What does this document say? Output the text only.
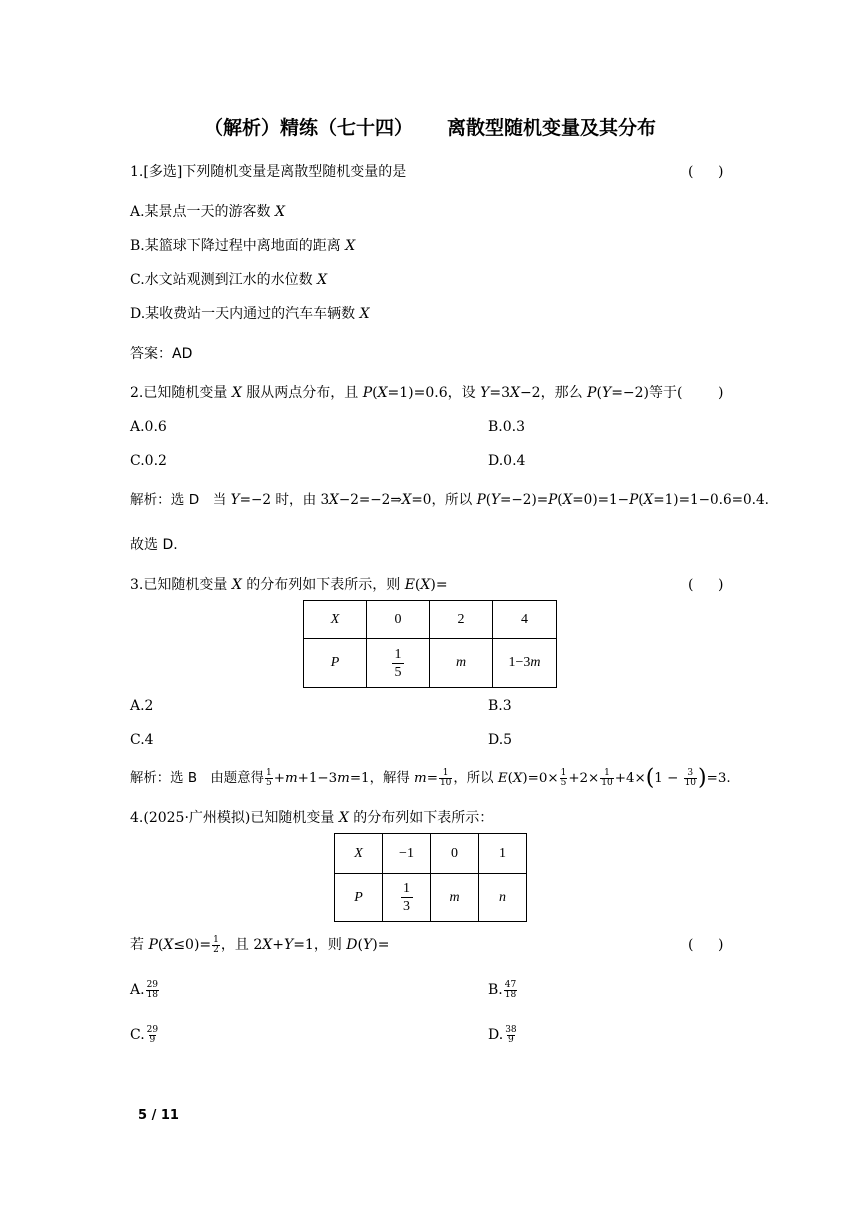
（解析）精练（七十四） 离散型随机变量及其分布
1.[多选]下列随机变量是离散型随机变量的是	( )
A.某景点一天的游客数 X
B.某篮球下降过程中离地面的距离 X
C.水文站观测到江水的水位数 X
D.某收费站一天内通过的汽车车辆数 X
答案：AD
2.已知随机变量 X 服从两点分布，且 P(X=1)=0.6，设 Y=3X−2，那么 P(Y=−2)等于(	)
A.0.6	B.0.3
C.0.2	D.0.4
解析：选 D　当 Y=−2 时，由 3X−2=−2⇒X=0，所以 P(Y=−2)=P(X=0)=1−P(X=1)=1−0.6=0.4.
故选 D.
3.已知随机变量 X 的分布列如下表所示，则 E(X)=	( )
X	0	2	4
P	$\frac{1}{5}$	m	1−3m
A.2	B.3
C.4	D.5
解析：选 B　由题意得 $\frac{1}{5} +m+1-3m=1$，解得 $m= \frac{1}{10}$ ，所以 $E(X)=0\times \frac{1}{5} +2\times \frac{1}{10} +4\times(1 - \frac{3}{10} )=3$.
4.(2025·广州模拟)已知随机变量 X 的分布列如下表所示：
X	−1	0	1
P	$\frac{1}{3}$	m	n
若 $P(X\le 0)= \frac{1}{2}$ ，且 2X+Y=1，则 D(Y)=	( )
A. $\frac{29}{18}$	B. $\frac{47}{18}$
C. $\frac{29}{9}$	D. $\frac{38}{9}$
5 / 11
